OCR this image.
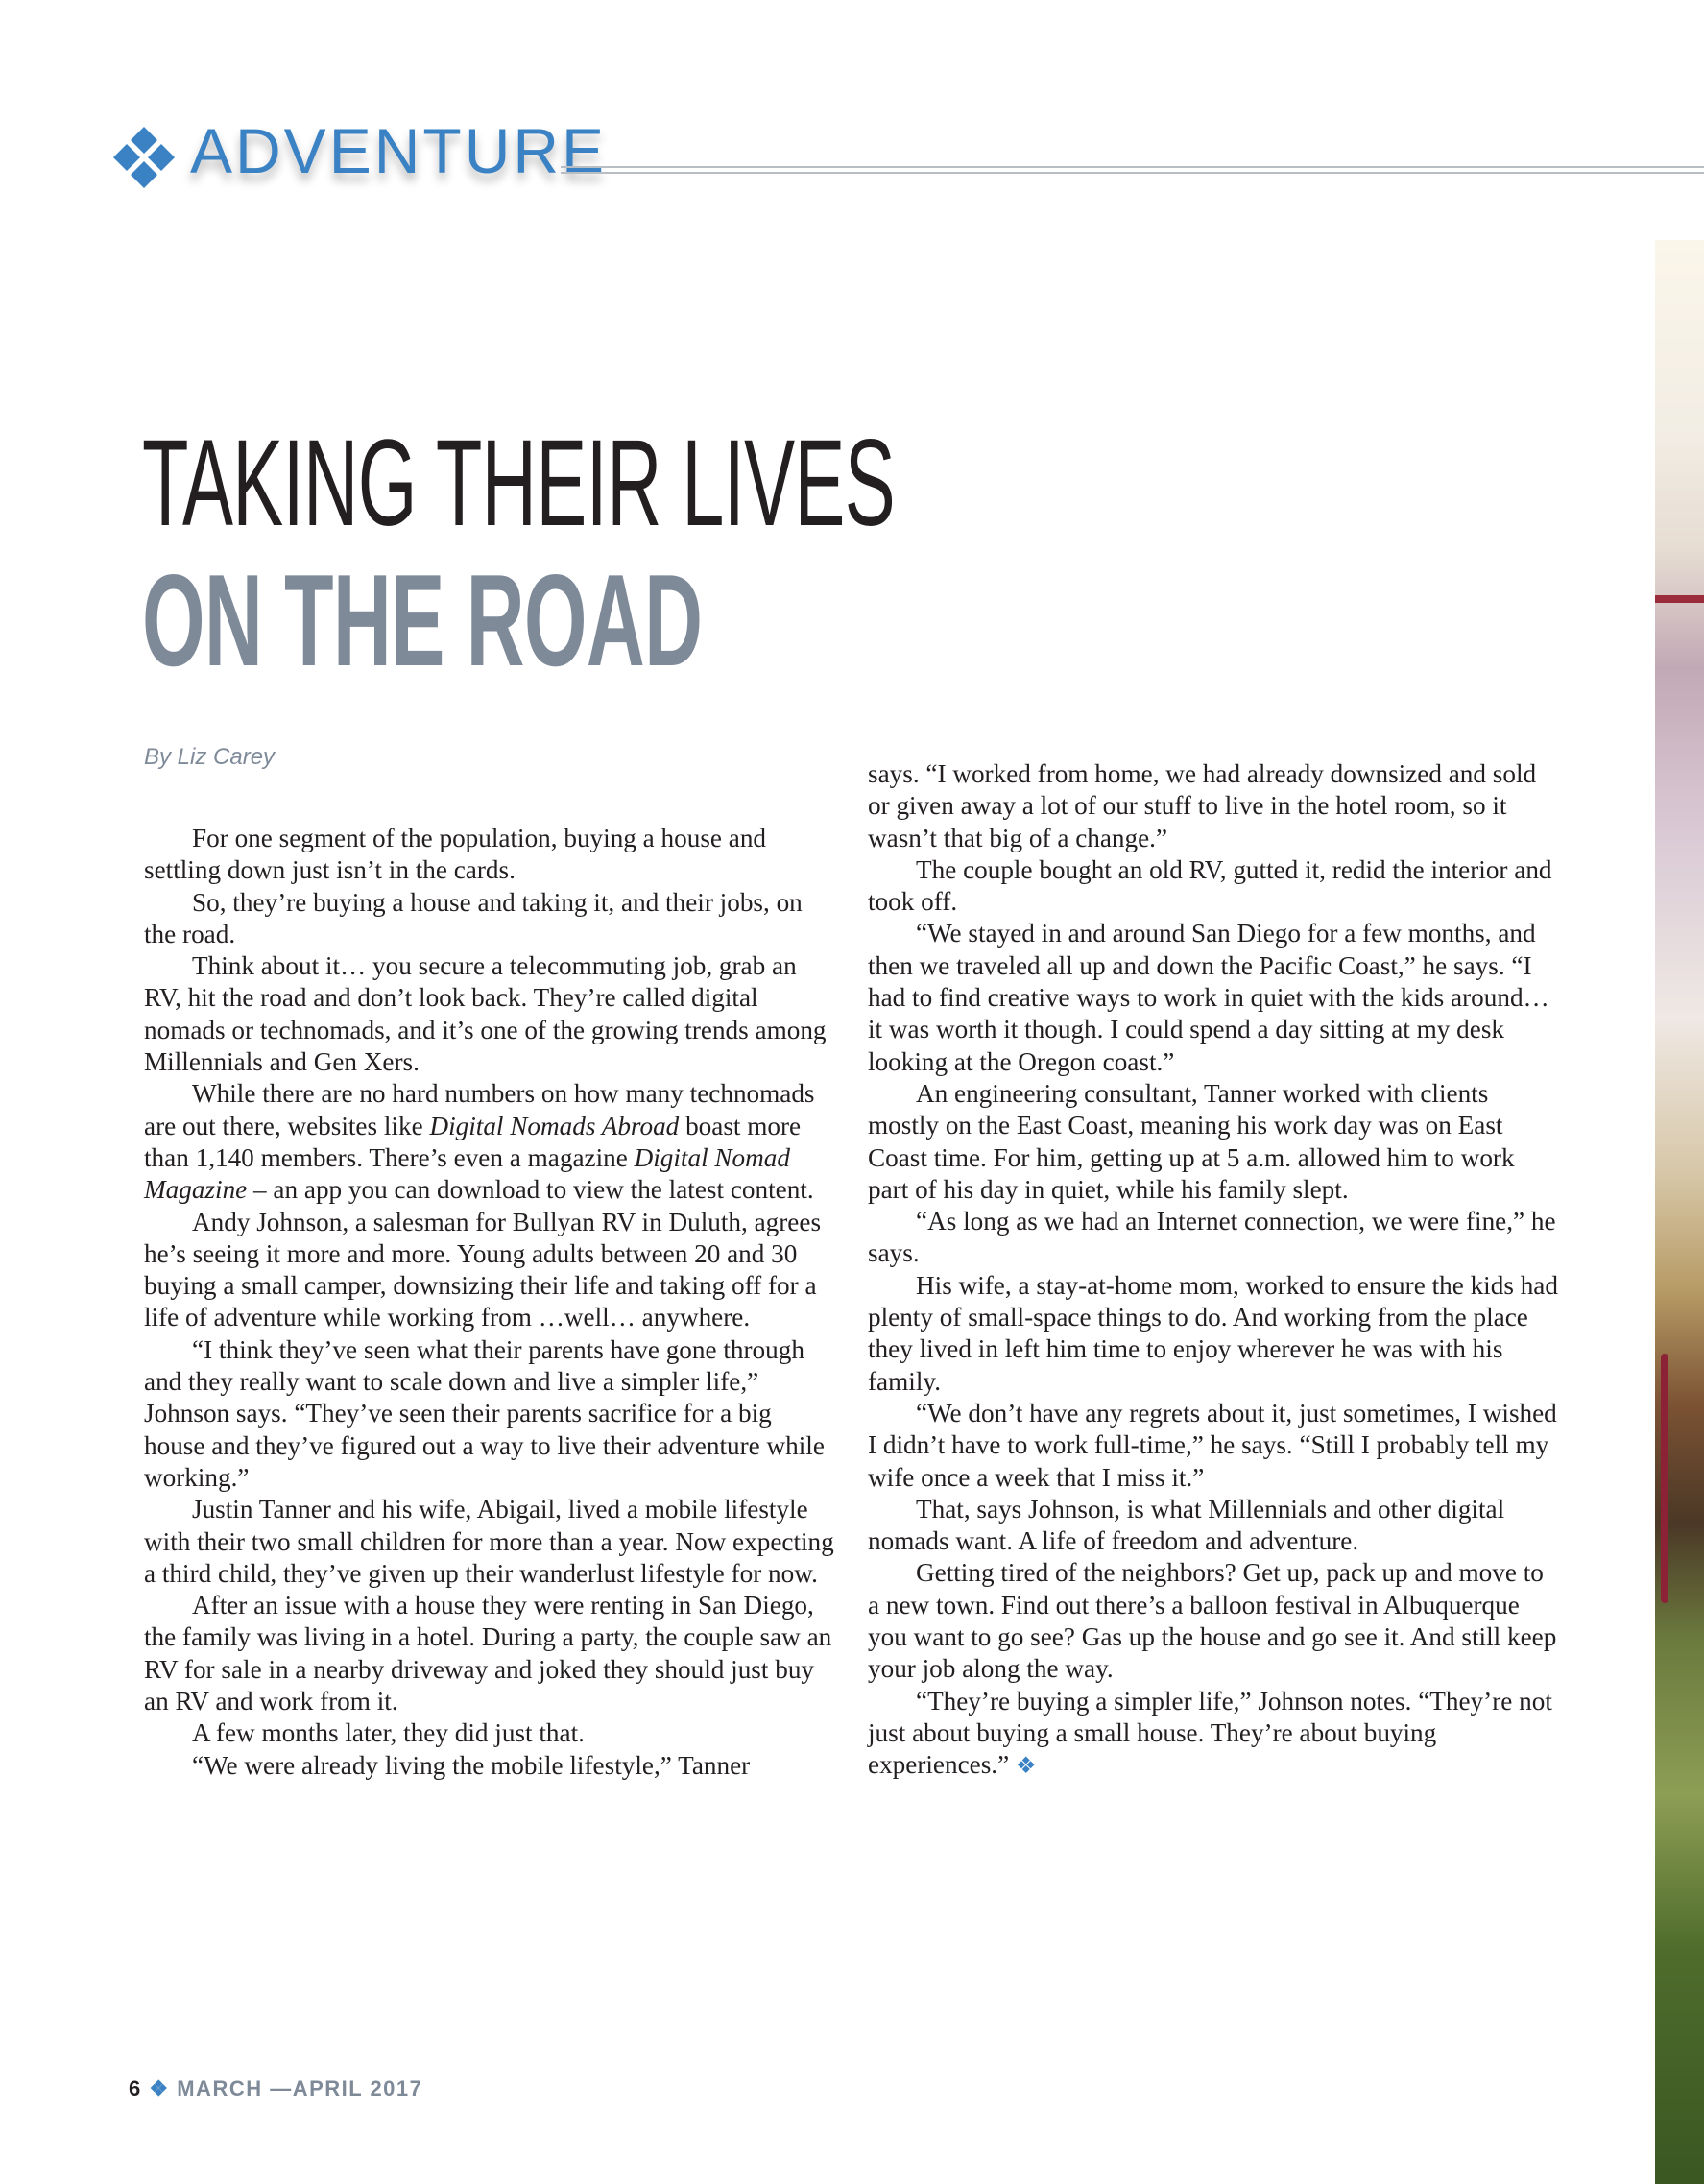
ADVENTURE
TAKING THEIR LIVES
ON THE ROAD
By Liz Carey

For one segment of the population, buying a house and settling down just isn’t in the cards.

So, they’re buying a house and taking it, and their jobs, on the road.

Think about it… you secure a telecommuting job, grab an RV, hit the road and don’t look back. They’re called digital nomads or technomads, and it’s one of the growing trends among Millennials and Gen Xers.

While there are no hard numbers on how many technomads are out there, websites like Digital Nomads Abroad boast more than 1,140 members. There’s even a magazine Digital Nomad Magazine – an app you can download to view the latest content.

Andy Johnson, a salesman for Bullyan RV in Duluth, agrees he’s seeing it more and more. Young adults between 20 and 30 buying a small camper, downsizing their life and taking off for a life of adventure while working from …well… anywhere.

“I think they’ve seen what their parents have gone through and they really want to scale down and live a simpler life,” Johnson says. “They’ve seen their parents sacrifice for a big house and they’ve figured out a way to live their adventure while working.”

Justin Tanner and his wife, Abigail, lived a mobile lifestyle with their two small children for more than a year. Now expecting a third child, they’ve given up their wanderlust lifestyle for now.

After an issue with a house they were renting in San Diego, the family was living in a hotel. During a party, the couple saw an RV for sale in a nearby driveway and joked they should just buy an RV and work from it.

A few months later, they did just that.

“We were already living the mobile lifestyle,” Tanner

says. “I worked from home, we had already downsized and sold or given away a lot of our stuff to live in the hotel room, so it wasn’t that big of a change.”

The couple bought an old RV, gutted it, redid the interior and took off.

“We stayed in and around San Diego for a few months, and then we traveled all up and down the Pacific Coast,” he says. “I had to find creative ways to work in quiet with the kids around… it was worth it though. I could spend a day sitting at my desk looking at the Oregon coast.”

An engineering consultant, Tanner worked with clients mostly on the East Coast, meaning his work day was on East Coast time. For him, getting up at 5 a.m. allowed him to work part of his day in quiet, while his family slept.

“As long as we had an Internet connection, we were fine,” he says.

His wife, a stay-at-home mom, worked to ensure the kids had plenty of small-space things to do. And working from the place they lived in left him time to enjoy wherever he was with his family.

“We don’t have any regrets about it, just sometimes, I wished I didn’t have to work full-time,” he says. “Still I probably tell my wife once a week that I miss it.”

That, says Johnson, is what Millennials and other digital nomads want. A life of freedom and adventure.

Getting tired of the neighbors? Get up, pack up and move to a new town. Find out there’s a balloon festival in Albuquerque you want to go see? Gas up the house and go see it. And still keep your job along the way.

“They’re buying a simpler life,” Johnson notes. “They’re not just about buying a small house. They’re about buying experiences.” ❖

6 ❖ MARCH —APRIL 2017
